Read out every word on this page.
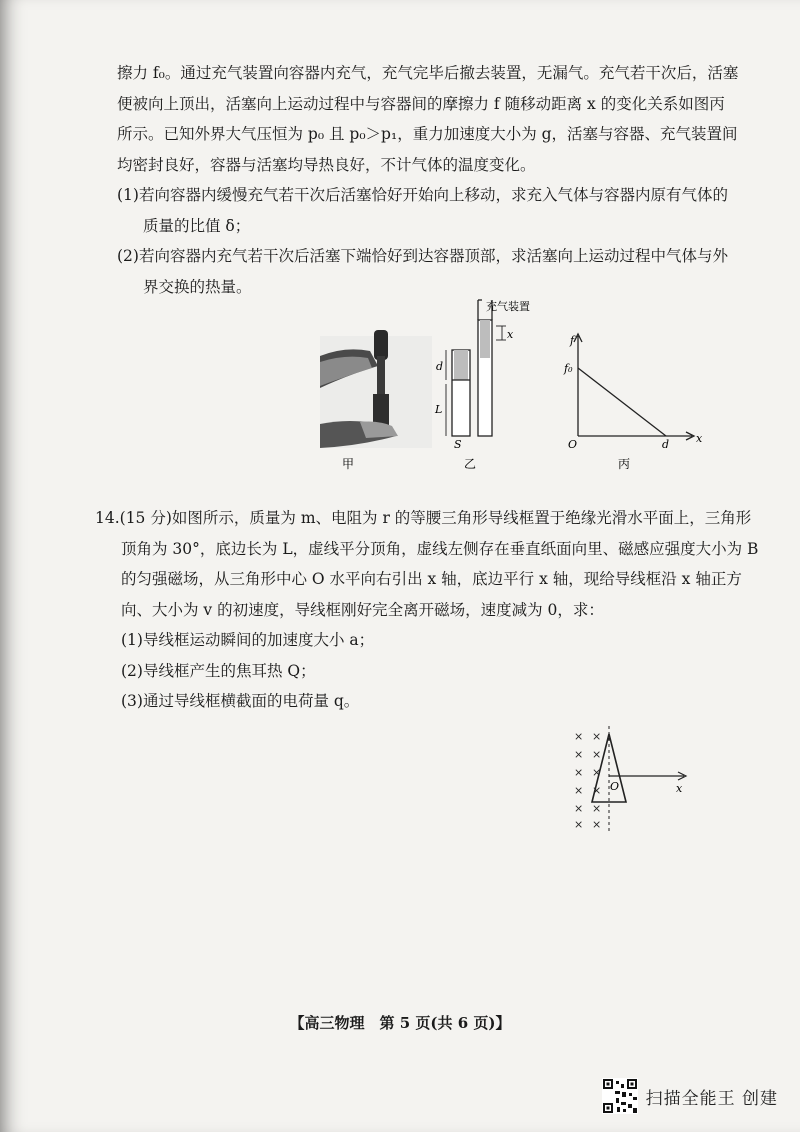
擦力 f₀。通过充气装置向容器内充气，充气完毕后撤去装置，无漏气。充气若干次后，活塞
便被向上顶出，活塞向上运动过程中与容器间的摩擦力 f 随移动距离 x 的变化关系如图丙
所示。已知外界大气压恒为 p₀ 且 p₀＞p₁，重力加速度大小为 g，活塞与容器、充气装置间
均密封良好，容器与活塞均导热良好，不计气体的温度变化。
(1)若向容器内缓慢充气若干次后活塞恰好开始向上移动，求充入气体与容器内原有气体的
质量的比值 δ；
(2)若向容器内充气若干次后活塞下端恰好到达容器顶部，求活塞向上运动过程中气体与外
界交换的热量。
充气装置
x
d
L
S
f
f₀
O	d x
甲	乙	丙
14.(15 分)如图所示，质量为 m、电阻为 r 的等腰三角形导线框置于绝缘光滑水平面上，三角形
顶角为 30°，底边长为 L，虚线平分顶角，虚线左侧存在垂直纸面向里、磁感应强度大小为 B
的匀强磁场，从三角形中心 O 水平向右引出 x 轴，底边平行 x 轴，现给导线框沿 x 轴正方
向、大小为 v 的初速度，导线框刚好完全离开磁场，速度减为 0，求：
(1)导线框运动瞬间的加速度大小 a；
(2)导线框产生的焦耳热 Q；
(3)通过导线框横截面的电荷量 q。
× ×
× ×
× ×
× ×
× ×
× ×
O	x
【高三物理　第 5 页(共 6 页)】
扫描全能王 创建
